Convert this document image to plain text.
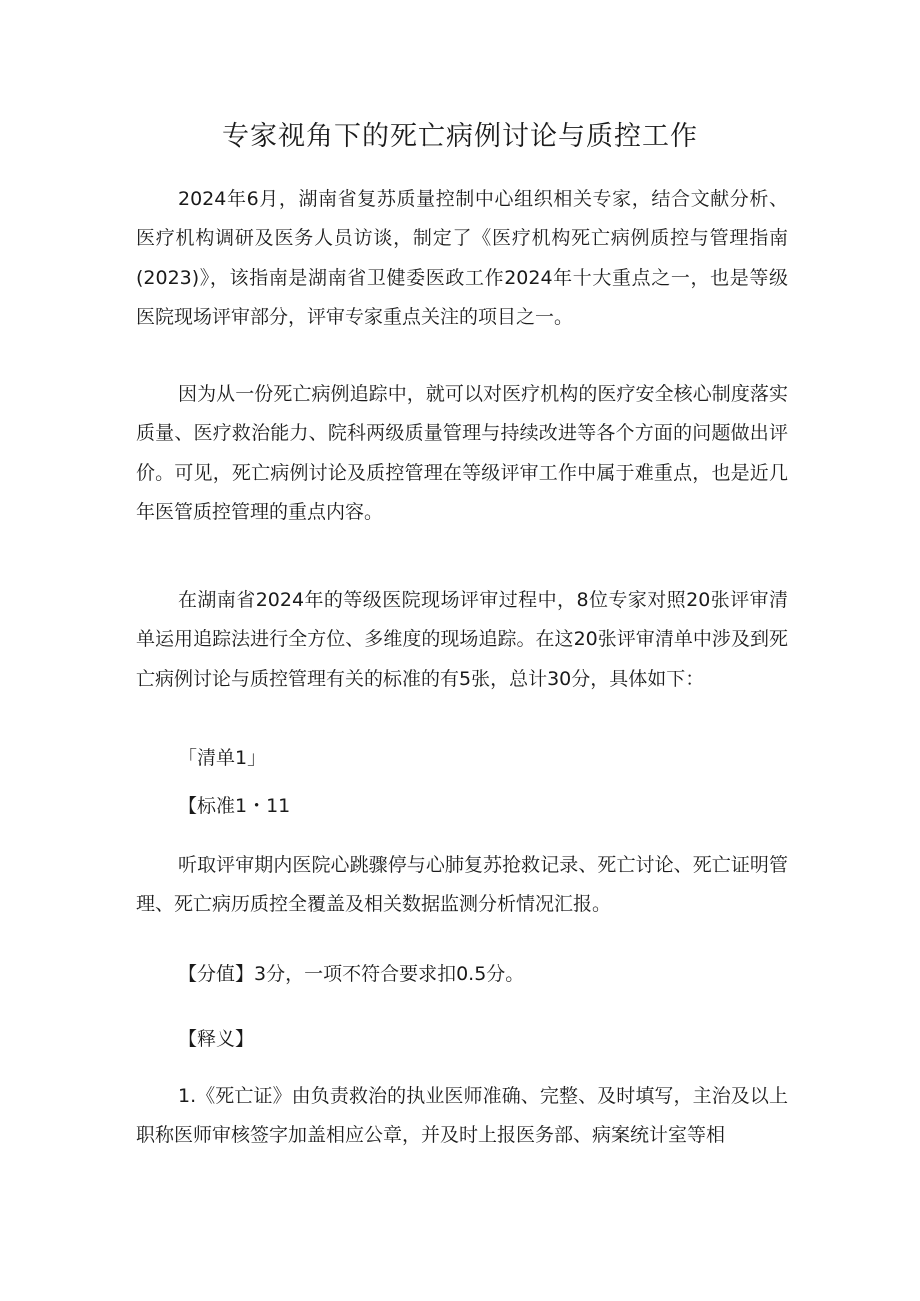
专家视角下的死亡病例讨论与质控工作

2024年6月，湖南省复苏质量控制中心组织相关专家，结合文献分析、医疗机构调研及医务人员访谈，制定了《医疗机构死亡病例质控与管理指南(2023)》，该指南是湖南省卫健委医政工作2024年十大重点之一，也是等级医院现场评审部分，评审专家重点关注的项目之一。

因为从一份死亡病例追踪中，就可以对医疗机构的医疗安全核心制度落实质量、医疗救治能力、院科两级质量管理与持续改进等各个方面的问题做出评价。可见，死亡病例讨论及质控管理在等级评审工作中属于难重点，也是近几年医管质控管理的重点内容。

在湖南省2024年的等级医院现场评审过程中，8位专家对照20张评审清单运用追踪法进行全方位、多维度的现场追踪。在这20张评审清单中涉及到死亡病例讨论与质控管理有关的标准的有5张，总计30分，具体如下：

「清单1」

【标准1・11

听取评审期内医院心跳骤停与心肺复苏抢救记录、死亡讨论、死亡证明管理、死亡病历质控全覆盖及相关数据监测分析情况汇报。

【分值】3分，一项不符合要求扣0.5分。

【释义】

1.《死亡证》由负责救治的执业医师准确、完整、及时填写，主治及以上职称医师审核签字加盖相应公章，并及时上报医务部、病案统计室等相
